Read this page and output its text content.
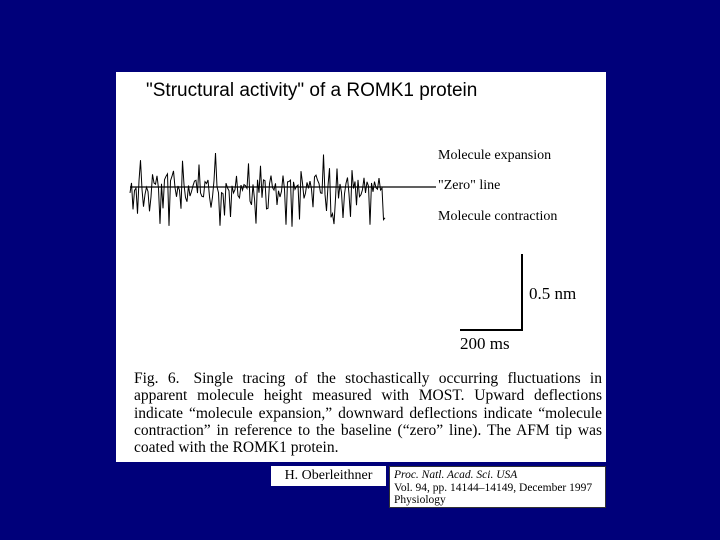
"Structural activity" of a ROMK1 protein
Molecule expansion
"Zero" line
Molecule contraction
0.5 nm
200 ms
Fig. 6. Single tracing of the stochastically occurring fluctuations in apparent molecule height measured with MOST. Upward deflections indicate “molecule expansion,” downward deflections indicate “molecule contraction” in reference to the baseline (“zero” line). The AFM tip was coated with the ROMK1 protein.
H. Oberleithner	Proc. Natl. Acad. Sci. USA
Vol. 94, pp. 14144–14149, December 1997
Physiology
